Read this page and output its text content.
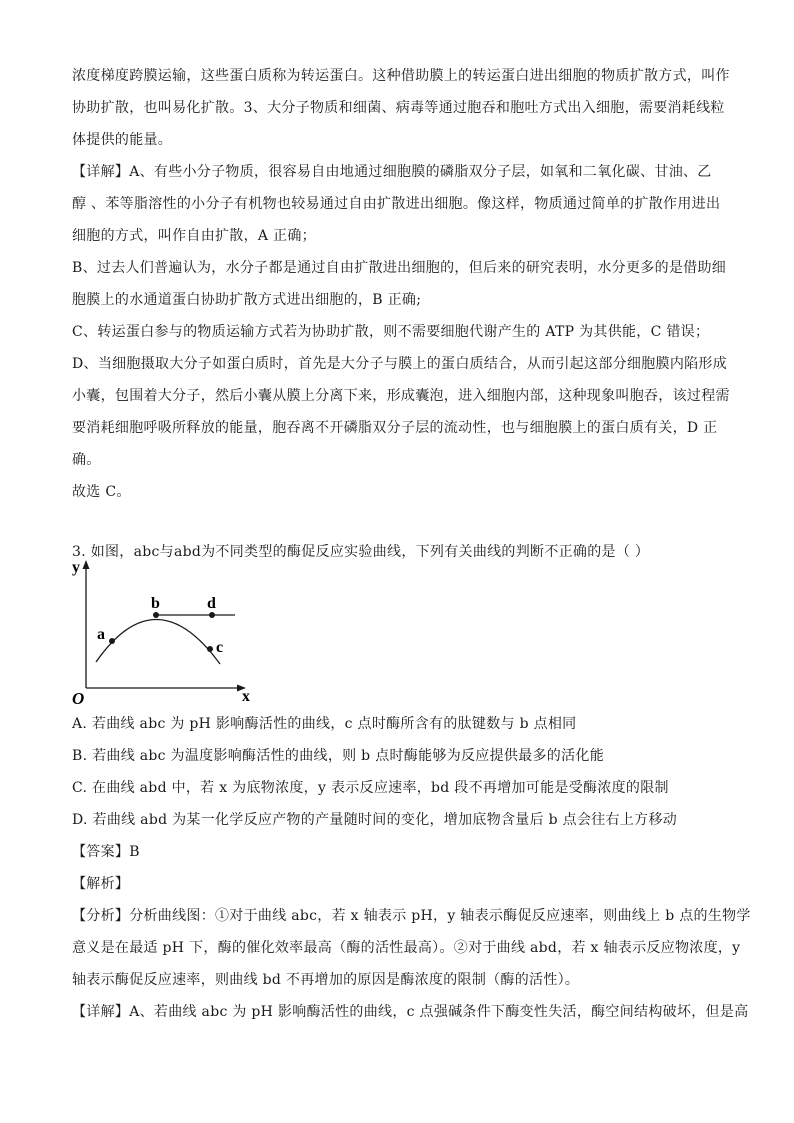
浓度梯度跨膜运输，这些蛋白质称为转运蛋白。这种借助膜上的转运蛋白进出细胞的物质扩散方式，叫作
协助扩散，也叫易化扩散。3、大分子物质和细菌、病毒等通过胞吞和胞吐方式出入细胞，需要消耗线粒
体提供的能量。
【详解】A、有些小分子物质，很容易自由地通过细胞膜的磷脂双分子层，如氧和二氧化碳、甘油、乙
醇 、苯等脂溶性的小分子有机物也较易通过自由扩散进出细胞。像这样，物质通过简单的扩散作用进出
细胞的方式，叫作自由扩散，A 正确；
B、过去人们普遍认为，水分子都是通过自由扩散进出细胞的，但后来的研究表明，水分更多的是借助细
胞膜上的水通道蛋白协助扩散方式进出细胞的，B 正确;
C、转运蛋白参与的物质运输方式若为协助扩散，则不需要细胞代谢产生的 ATP 为其供能，C 错误；
D、当细胞摄取大分子如蛋白质时，首先是大分子与膜上的蛋白质结合，从而引起这部分细胞膜内陷形成
小囊，包围着大分子，然后小囊从膜上分离下来，形成囊泡，进入细胞内部，这种现象叫胞吞，该过程需
要消耗细胞呼吸所释放的能量，胞吞离不开磷脂双分子层的流动性，也与细胞膜上的蛋白质有关，D 正
确。
故选 C。
3. 如图，abc与abd为不同类型的酶促反应实验曲线，下列有关曲线的判断不正确的是（ ）
y
x
O
a
b	d
c
A. 若曲线 abc 为 pH 影响酶活性的曲线，c 点时酶所含有的肽键数与 b 点相同
B. 若曲线 abc 为温度影响酶活性的曲线，则 b 点时酶能够为反应提供最多的活化能
C. 在曲线 abd 中，若 x 为底物浓度，y 表示反应速率，bd 段不再增加可能是受酶浓度的限制
D. 若曲线 abd 为某一化学反应产物的产量随时间的变化，增加底物含量后 b 点会往右上方移动
【答案】B
【解析】
【分析】分析曲线图：①对于曲线 abc，若 x 轴表示 pH，y 轴表示酶促反应速率，则曲线上 b 点的生物学
意义是在最适 pH 下，酶的催化效率最高（酶的活性最高）。②对于曲线 abd，若 x 轴表示反应物浓度，y
轴表示酶促反应速率，则曲线 bd 不再增加的原因是酶浓度的限制（酶的活性）。
【详解】A、若曲线 abc 为 pH 影响酶活性的曲线，c 点强碱条件下酶变性失活，酶空间结构破坏，但是高
